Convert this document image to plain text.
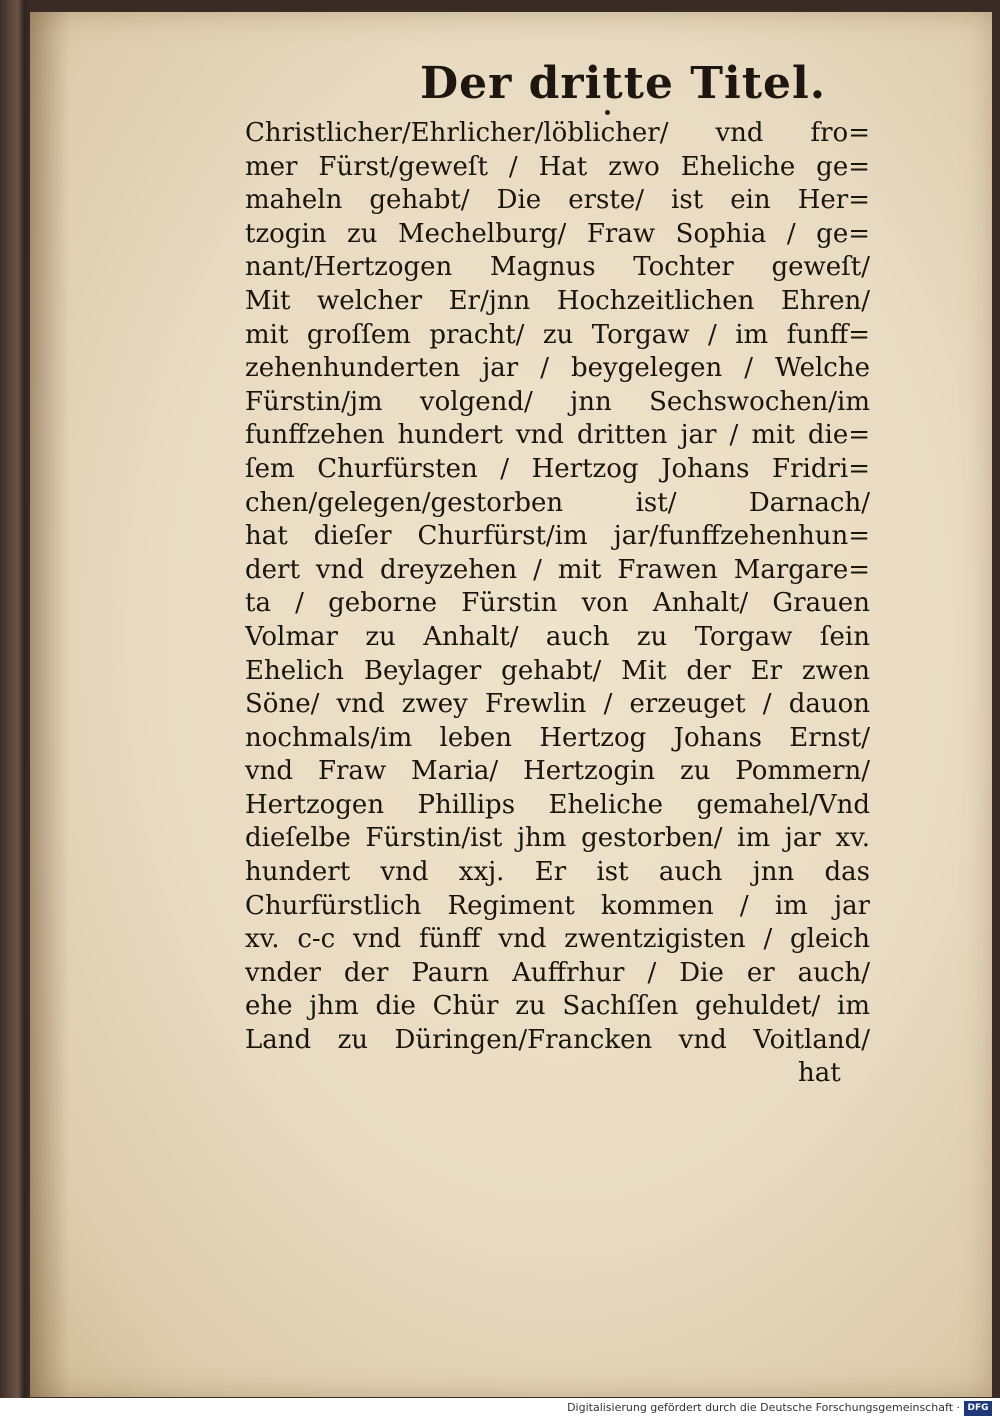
Der dritte Titel.
Christlicher/Ehrlicher/löblicher/ vnd fro=
mer Fürst/geweſt / Hat zwo Eheliche ge=
maheln gehabt/ Die erste/ ist ein Her=
tzogin zu Mechelburg/ Fraw Sophia / ge=
nant/Hertzogen Magnus Tochter geweſt/
Mit welcher Er/jnn Hochzeitlichen Ehren/
mit groſſem pracht/ zu Torgaw / im funff=
zehenhunderten jar / beygelegen / Welche
Fürstin/jm volgend/ jnn Sechswochen/im
funffzehen hundert vnd dritten jar / mit die=
ſem Churfürsten / Hertzog Johans Fridri=
chen/gelegen/gestorben ist/ Darnach/
hat dieſer Churfürst/im jar/funffzehenhun=
dert vnd dreyzehen / mit Frawen Margare=
ta / geborne Fürstin von Anhalt/ Grauen
Volmar zu Anhalt/ auch zu Torgaw ſein
Ehelich Beylager gehabt/ Mit der Er zwen
Söne/ vnd zwey Frewlin / erzeuget / dauon
nochmals/im leben Hertzog Johans Ernst/
vnd Fraw Maria/ Hertzogin zu Pommern/
Hertzogen Phillips Eheliche gemahel/Vnd
dieſelbe Fürstin/ist jhm gestorben/ im jar xv.
hundert vnd xxj. Er ist auch jnn das
Churfürstlich Regiment kommen / im jar
xv. c-c vnd fünff vnd zwentzigisten / gleich
vnder der Paurn Auffrhur / Die er auch/
ehe jhm die Chür zu Sachſſen gehuldet/ im
Land zu Düringen/Francken vnd Voitland/
hat
Digitalisierung gefördert durch die Deutsche Forschungsgemeinschaft · DFG
